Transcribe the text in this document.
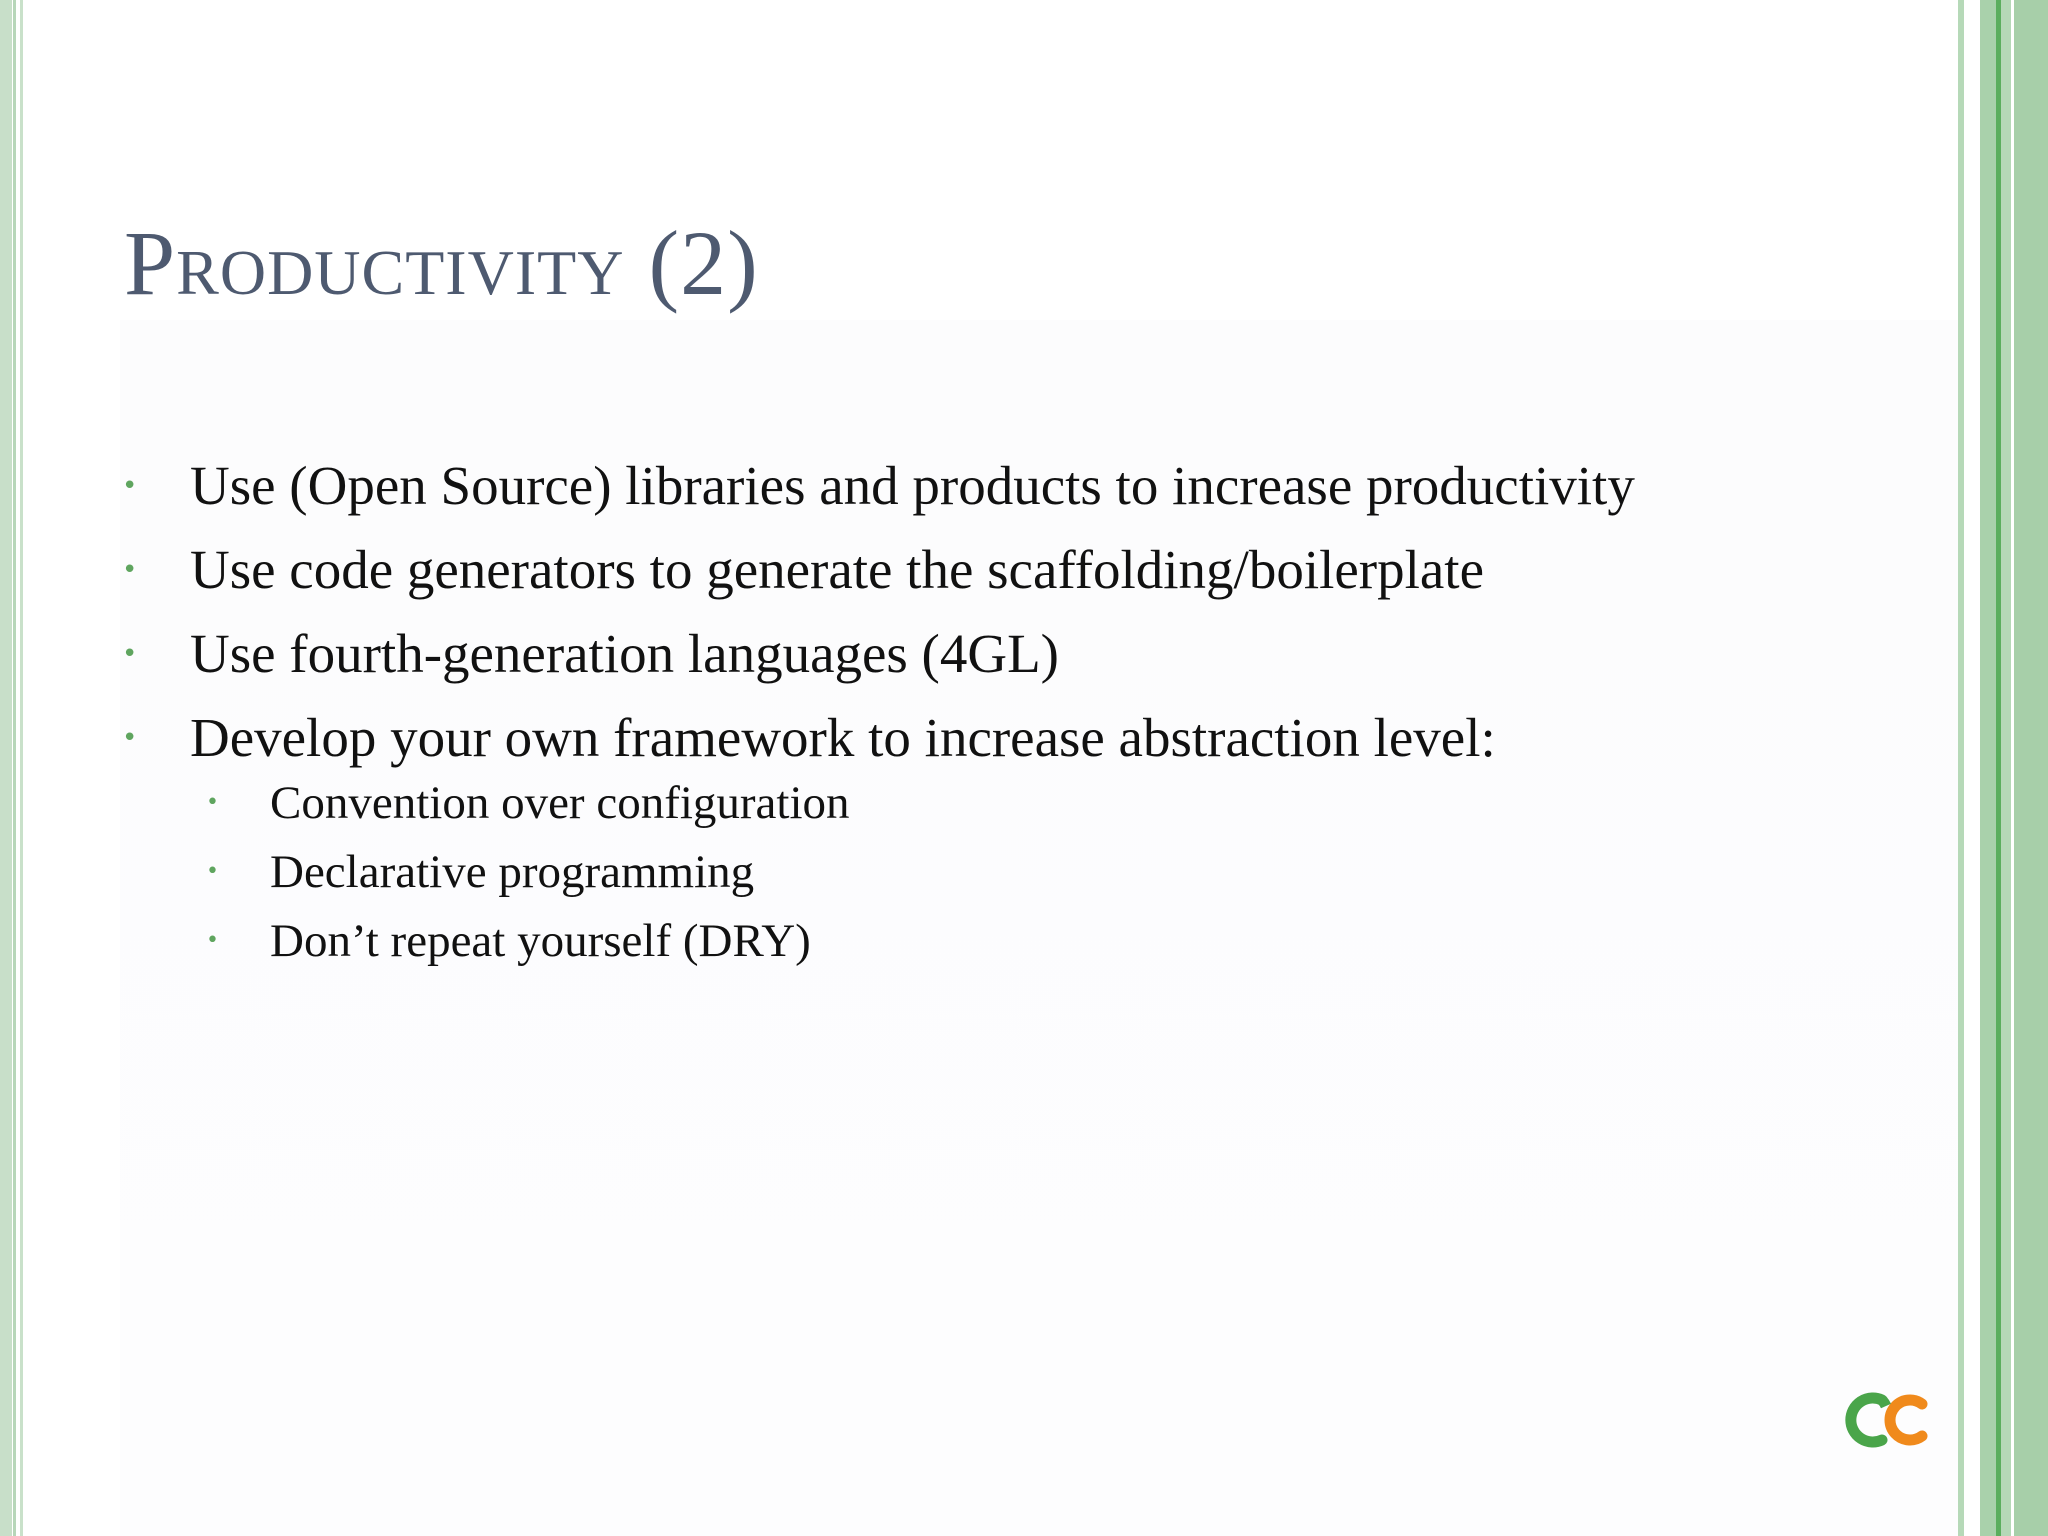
Productivity (2)
• Use (Open Source) libraries and products to increase productivity
• Use code generators to generate the scaffolding/boilerplate
• Use fourth-generation languages (4GL)
• Develop your own framework to increase abstraction level:
• Convention over configuration
• Declarative programming
• Don’t repeat yourself (DRY)
